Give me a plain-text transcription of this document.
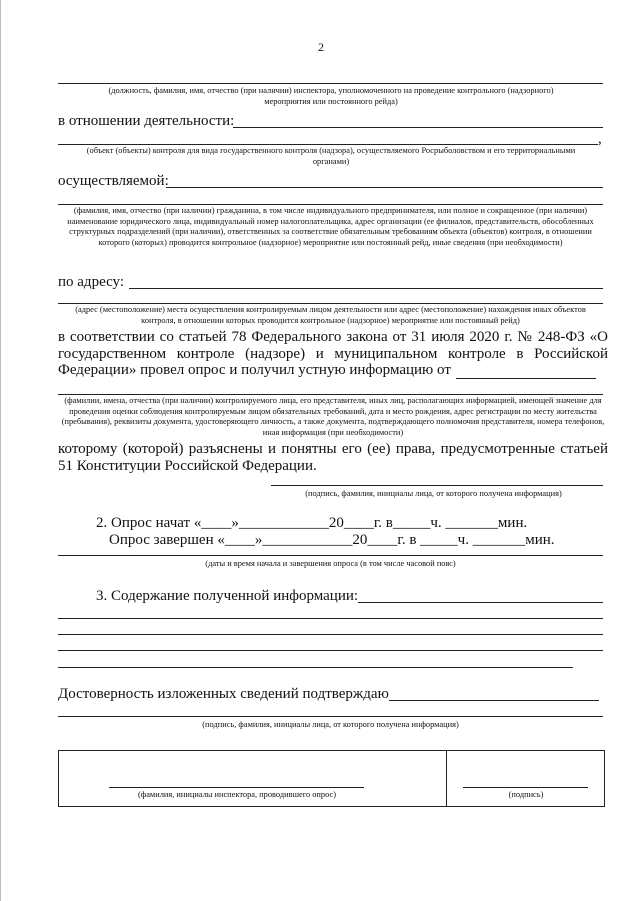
2
(должность, фамилия, имя, отчество (при наличии) инспектора, уполномоченного на проведение контрольного (надзорного) мероприятия или постоянного рейда)
в отношении деятельности:
,
(объект (объекты) контроля для вида государственного контроля (надзора), осуществляемого Росрыболовством и его территориальными органами)
осуществляемой:
(фамилия, имя, отчество (при наличии) гражданина, в том числе индивидуального предпринимателя, или полное и сокращенное (при наличии) наименование юридического лица, индивидуальный номер налогоплательщика, адрес организации (ее филиалов, представительств, обособленных структурных подразделений (при наличии), ответственных за соответствие обязательным требованиям объекта (объектов) контроля, в отношении которого (которых) проводится контрольное (надзорное) мероприятие или постоянный рейд, иные сведения (при необходимости)
по адресу:
(адрес (местоположение) места осуществления контролируемым лицом деятельности или адрес (местоположение) нахождения иных объектов контроля, в отношении которых проводится контрольное (надзорное) мероприятие или постоянный рейд)
в соответствии со статьей 78 Федерального закона от 31 июля 2020 г. № 248-ФЗ «О государственном контроле (надзоре) и муниципальном контроле в Российской Федерации» провел опрос и получил устную информацию от
(фамилии, имена, отчества (при наличии) контролируемого лица, его представителя, иных лиц, располагающих информацией, имеющей значение для проведения оценки соблюдения контролируемым лицом обязательных требований, дата и место рождения, адрес регистрации по месту жительства (пребывания), реквизиты документа, удостоверяющего личность, а также документа, подтверждающего полномочия представителя, номера телефонов, иная информация (при необходимости)
которому (которой) разъяснены и понятны его (ее) права, предусмотренные статьей 51 Конституции Российской Федерации.
(подпись, фамилия, инициалы лица, от которого получена информация)
2. Опрос начат «____»____________20____г. в_____ч. _______мин.
Опрос завершен «____»____________20____г. в _____ч. _______мин.
(даты и время начала и завершения опроса (в том числе часовой пояс)
3. Содержание полученной информации:
Достоверность изложенных сведений подтверждаю
(подпись, фамилия, инициалы лица, от которого получена информация)
(фамилия, инициалы инспектора, проводившего опрос)	(подпись)
